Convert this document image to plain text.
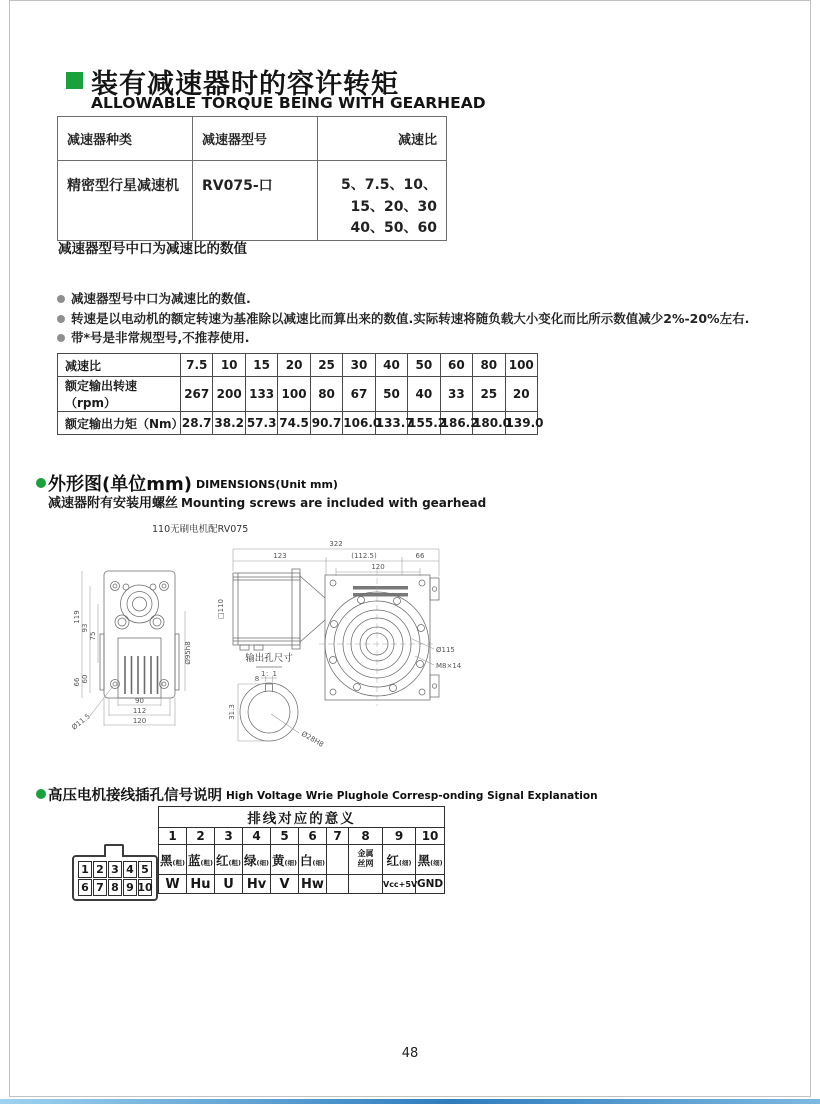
装有减速器时的容许转矩
ALLOWABLE TORQUE BEING WITH GEARHEAD
减速器种类	减速器型号	减速比
精密型行星减速机	RV075-口	5、7.5、10、15、20、30
40、50、60
减速器型号中口为减速比的数值
减速器型号中口为减速比的数值.
转速是以电动机的额定转速为基准除以减速比而算出来的数值.实际转速将随负载大小变化而比所示数值减少2%-20%左右.
带*号是非常规型号,不推荐使用.
减速比	7.5	10	15	20	25	30	40	50	60	80	100
额定输出转速（rpm）	267	200	133	100	80	67	50	40	33	25	20
额定输出力矩（Nm）	28.7	38.2	57.3	74.5	90.7	106.0	133.7	155.2	186.2	180.0	139.0
外形图(单位mm) DIMENSIONS(Unit mm)
减速器附有安装用螺丝 Mounting screws are included with gearhead
110无刷电机配RV075
119
93
75
66 60
Ø95h8
90
112
120
Ø11.5
□110
322
123	(112.5)	66
120
Ø115
M8×14
输出孔尺寸
1：1
8
31.3
Ø28H8
高压电机接线插孔信号说明 High Voltage Wrie Plughole Corresp-onding Signal Explanation
1 2 3 4 5
6 7 8 9 10
排线对应的意义									
1	2	3	4	5	6	7	8	9	10
黑(粗)	蓝(粗)	红(粗)	绿(细)	黄(细)	白(细)		金属丝网	红(细)	黑(细)
W	Hu	U	Hv	V	Hw			Vcc+5V	GND
48
